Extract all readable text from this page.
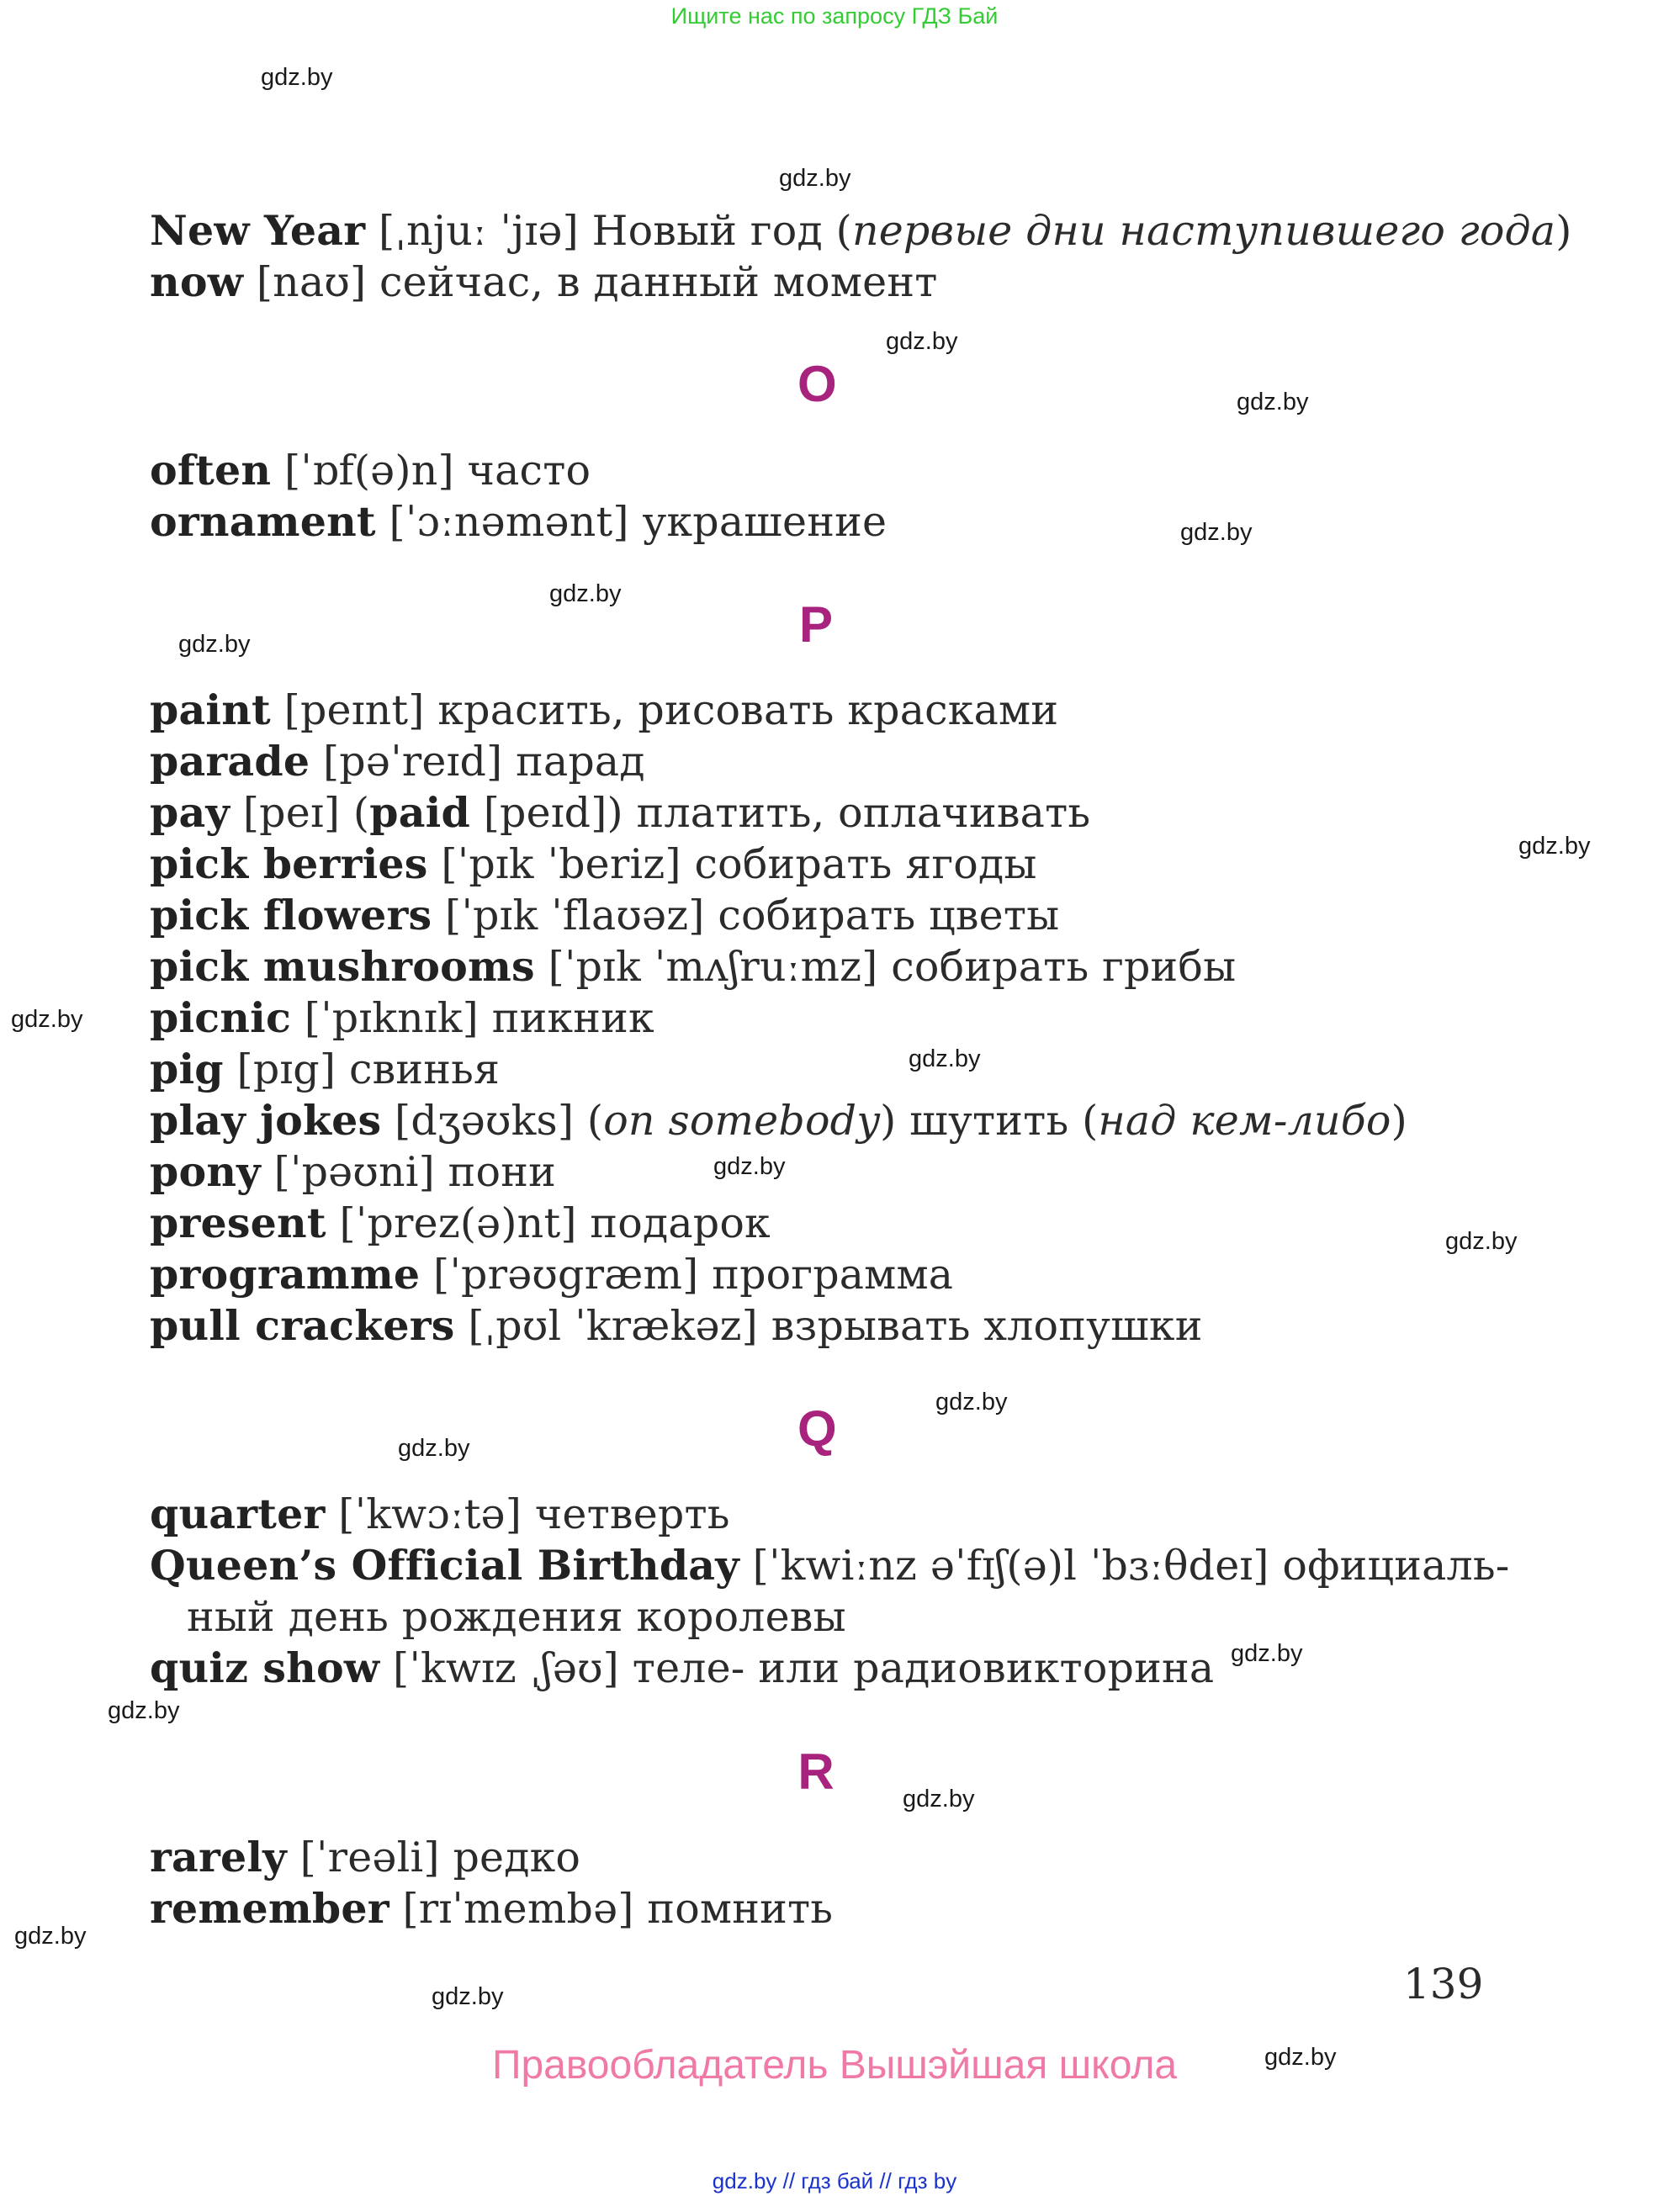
Ищите нас по запросу ГДЗ Бай
gdz.by
gdz.by
gdz.by
gdz.by
gdz.by
gdz.by
gdz.by
gdz.by
gdz.by
gdz.by
gdz.by
gdz.by
gdz.by
gdz.by
gdz.by
gdz.by
gdz.by
gdz.by
gdz.by
gdz.by
New Year [ˌnjuː ˈjɪə] Новый год (первые дни наступившего года)
now [naʊ] сейчас, в данный момент
O
often [ˈɒf(ə)n] часто
ornament [ˈɔːnəmənt] украшение
P
paint [peɪnt] красить, рисовать красками
parade [pəˈreɪd] парад
pay [peɪ] (paid [peɪd]) платить, оплачивать
pick berries [ˈpɪk ˈberiz] собирать ягоды
pick flowers [ˈpɪk ˈflaʊəz] собирать цветы
pick mushrooms [ˈpɪk ˈmʌʃruːmz] собирать грибы
picnic [ˈpɪknɪk] пикник
pig [pɪg] свинья
play jokes [dʒəʊks] (on somebody) шутить (над кем-либо)
pony [ˈpəʊni] пони
present [ˈprez(ə)nt] подарок
programme [ˈprəʊgræm] программа
pull crackers [ˌpʊl ˈkrækəz] взрывать хлопушки
Q
quarter [ˈkwɔːtə] четверть
Queen’s Official Birthday [ˈkwiːnz əˈfɪʃ(ə)l ˈbɜːθdeɪ] официаль-
ный день рождения королевы
quiz show [ˈkwɪz ˌʃəʊ] теле- или радиовикторина
R
rarely [ˈreəli] редко
remember [rɪˈmembə] помнить
139
Правообладатель Вышэйшая школа
gdz.by // гдз бай // гдз by
